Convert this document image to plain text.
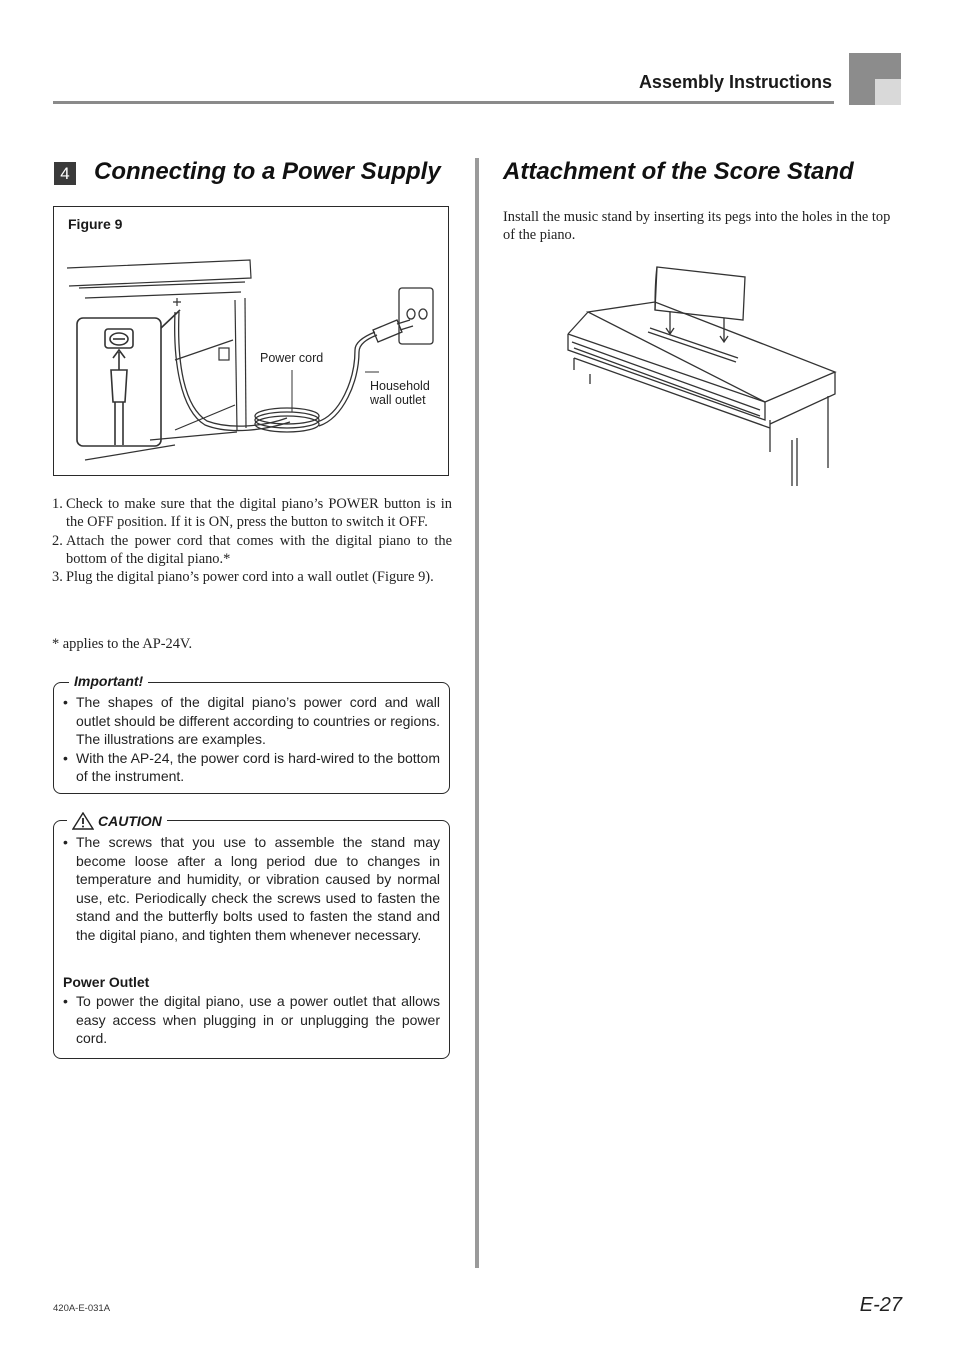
Assembly Instructions
4 Connecting to a Power Supply
Figure 9
Power cord
Household
wall outlet
1. Check to make sure that the digital piano’s POWER button is in the OFF position. If it is ON, press the button to switch it OFF.
2. Attach the power cord that comes with the digital piano to the bottom of the digital piano.*
3. Plug the digital piano’s power cord into a wall outlet (Figure 9).
* applies to the AP-24V.
Important!
• The shapes of the digital piano’s power cord and wall outlet should be different according to countries or regions. The illustrations are examples.
• With the AP-24, the power cord is hard-wired to the bottom of the instrument.
CAUTION
• The screws that you use to assemble the stand may become loose after a long period due to changes in temperature and humidity, or vibration caused by normal use, etc. Periodically check the screws used to fasten the stand and the butterfly bolts used to fasten the stand and the digital piano, and tighten them whenever necessary.
Power Outlet
• To power the digital piano, use a power outlet that allows easy access when plugging in or unplugging the power cord.
Attachment of the Score Stand
Install the music stand by inserting its pegs into the holes in the top of the piano.
420A-E-031A	E-27
